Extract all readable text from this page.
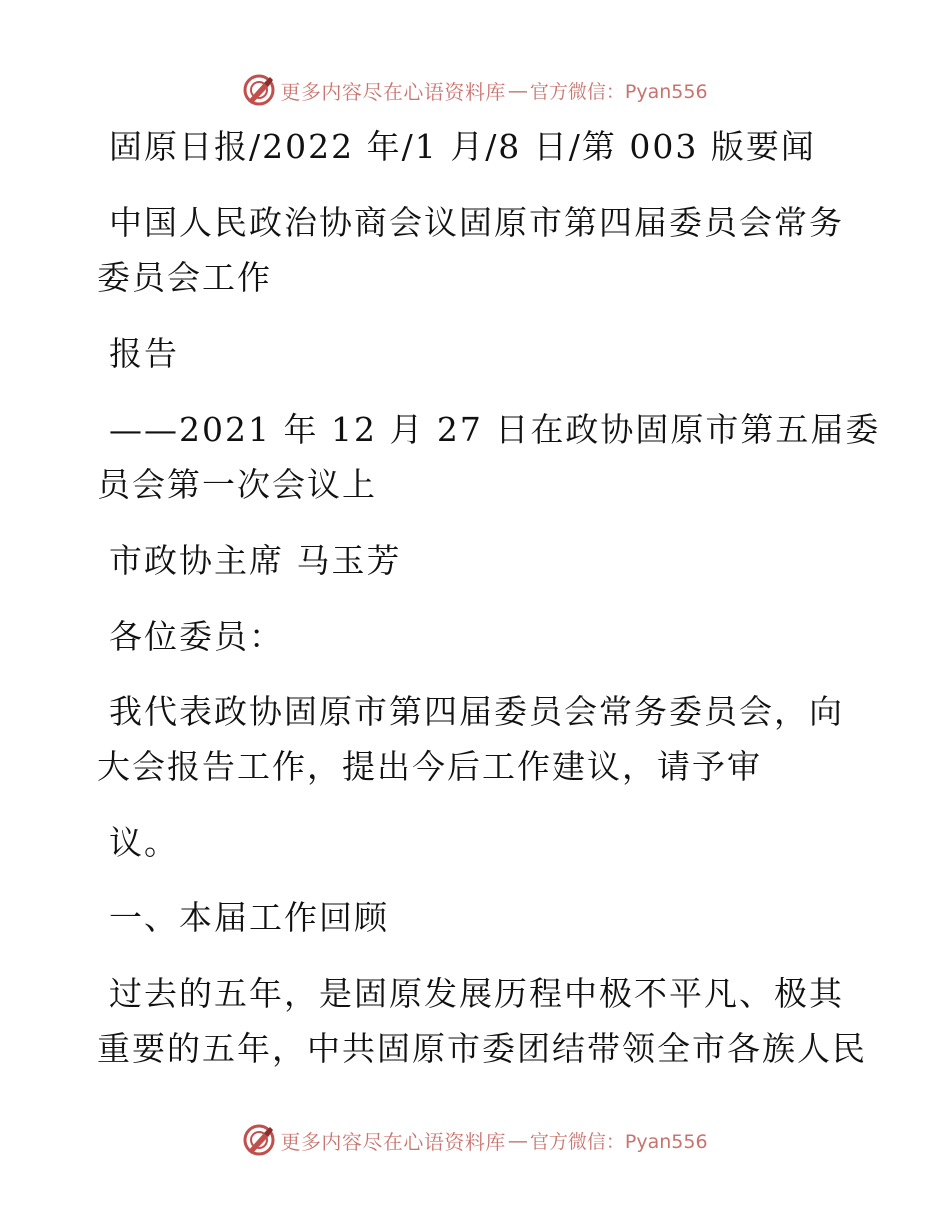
更多内容尽在心语资料库 — 官方微信：Pyan556
固原日报/2022 年/1 月/8 日/第 003 版要闻
中国人民政治协商会议固原市第四届委员会常务
委员会工作
报告
——2021 年 12 月 27 日在政协固原市第五届委
员会第一次会议上
市政协主席 马玉芳
各位委员：
我代表政协固原市第四届委员会常务委员会，向
大会报告工作，提出今后工作建议，请予审
议。
一、本届工作回顾
过去的五年，是固原发展历程中极不平凡、极其
重要的五年，中共固原市委团结带领全市各族人民
更多内容尽在心语资料库 — 官方微信：Pyan556
